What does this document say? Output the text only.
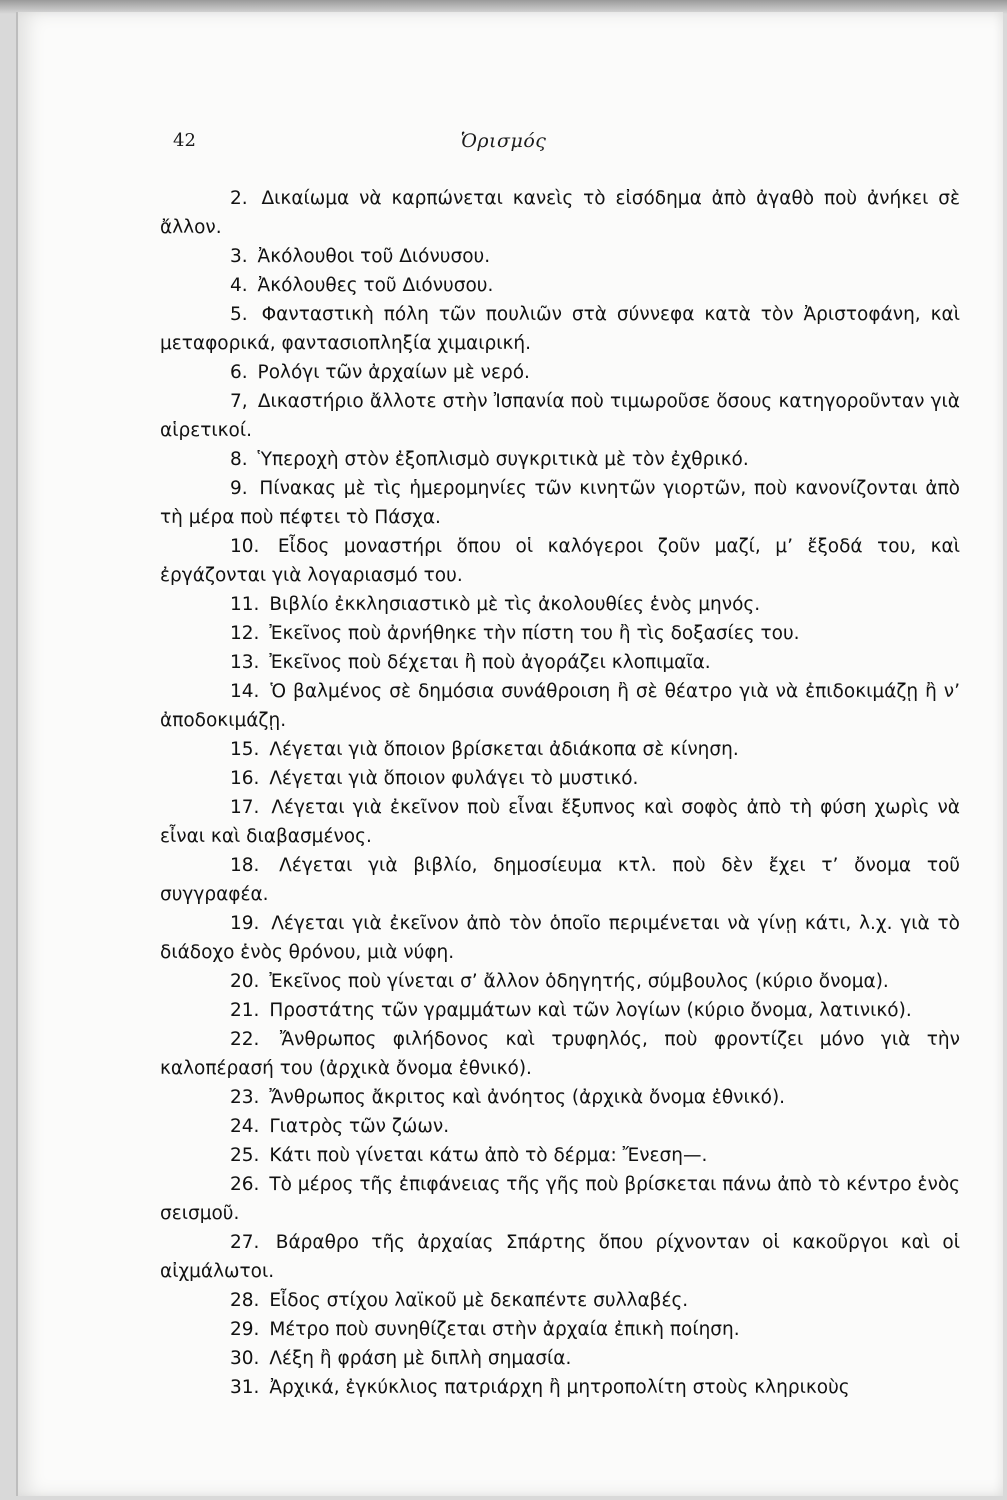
42	Ὁρισμός

2. Δικαίωμα νὰ καρπώνεται κανεὶς τὸ εἰσόδημα ἀπὸ ἀγαθὸ ποὺ ἀνήκει σὲ ἄλλον.

3. Ἀκόλουθοι τοῦ Διόνυσου.

4. Ἀκόλουθες τοῦ Διόνυσου.

5. Φανταστικὴ πόλη τῶν πουλιῶν στὰ σύννεφα κατὰ τὸν Ἀριστοφάνη, καὶ μεταφορικά, φαντασιοπληξία χιμαιρική.

6. Ρολόγι τῶν ἀρχαίων μὲ νερό.

7, Δικαστήριο ἄλλοτε στὴν Ἰσπανία ποὺ τιμωροῦσε ὅσους κατηγοροῦνταν γιὰ αἱρετικοί.

8. Ὑπεροχὴ στὸν ἐξοπλισμὸ συγκριτικὰ μὲ τὸν ἐχθρικό.

9. Πίνακας μὲ τὶς ἡμερομηνίες τῶν κινητῶν γιορτῶν, ποὺ κανονίζονται ἀπὸ τὴ μέρα ποὺ πέφτει τὸ Πάσχα.

10. Εἶδος μοναστήρι ὅπου οἱ καλόγεροι ζοῦν μαζί, μ’ ἔξοδά του, καὶ ἐργάζονται γιὰ λογαριασμό του.

11. Βιβλίο ἐκκλησιαστικὸ μὲ τὶς ἀκολουθίες ἑνὸς μηνός.

12. Ἐκεῖνος ποὺ ἀρνήθηκε τὴν πίστη του ἢ τὶς δοξασίες του.

13. Ἐκεῖνος ποὺ δέχεται ἢ ποὺ ἀγοράζει κλοπιμαῖα.

14. Ὁ βαλμένος σὲ δημόσια συνάθροιση ἢ σὲ θέατρο γιὰ νὰ ἐπιδοκιμάζῃ ἢ ν’ ἀποδοκιμάζῃ.

15. Λέγεται γιὰ ὅποιον βρίσκεται ἀδιάκοπα σὲ κίνηση.

16. Λέγεται γιὰ ὅποιον φυλάγει τὸ μυστικό.

17. Λέγεται γιὰ ἐκεῖνον ποὺ εἶναι ἔξυπνος καὶ σοφὸς ἀπὸ τὴ φύση χωρὶς νὰ εἶναι καὶ διαβασμένος.

18. Λέγεται γιὰ βιβλίο, δημοσίευμα κτλ. ποὺ δὲν ἔχει τ’ ὄνομα τοῦ συγγραφέα.

19. Λέγεται γιὰ ἐκεῖνον ἀπὸ τὸν ὁποῖο περιμένεται νὰ γίνῃ κάτι, λ.χ. γιὰ τὸ διάδοχο ἑνὸς θρόνου, μιὰ νύφη.

20. Ἐκεῖνος ποὺ γίνεται σ’ ἄλλον ὁδηγητής, σύμβουλος (κύριο ὄνομα).

21. Προστάτης τῶν γραμμάτων καὶ τῶν λογίων (κύριο ὄνομα, λατινικό).

22. Ἄνθρωπος φιλήδονος καὶ τρυφηλός, ποὺ φροντίζει μόνο γιὰ τὴν καλοπέρασή του (ἀρχικὰ ὄνομα ἐθνικό).

23. Ἄνθρωπος ἄκριτος καὶ ἀνόητος (ἀρχικὰ ὄνομα ἐθνικό).

24. Γιατρὸς τῶν ζώων.

25. Κάτι ποὺ γίνεται κάτω ἀπὸ τὸ δέρμα: Ἔνεση—.

26. Τὸ μέρος τῆς ἐπιφάνειας τῆς γῆς ποὺ βρίσκεται πάνω ἀπὸ τὸ κέντρο ἑνὸς σεισμοῦ.

27. Βάραθρο τῆς ἀρχαίας Σπάρτης ὅπου ρίχνονταν οἱ κακοῦργοι καὶ οἱ αἰχμάλωτοι.

28. Εἶδος στίχου λαϊκοῦ μὲ δεκαπέντε συλλαβές.

29. Μέτρο ποὺ συνηθίζεται στὴν ἀρχαία ἐπικὴ ποίηση.

30. Λέξη ἢ φράση μὲ διπλὴ σημασία.

31. Ἀρχικά, ἐγκύκλιος πατριάρχη ἢ μητροπολίτη στοὺς κληρικοὺς
